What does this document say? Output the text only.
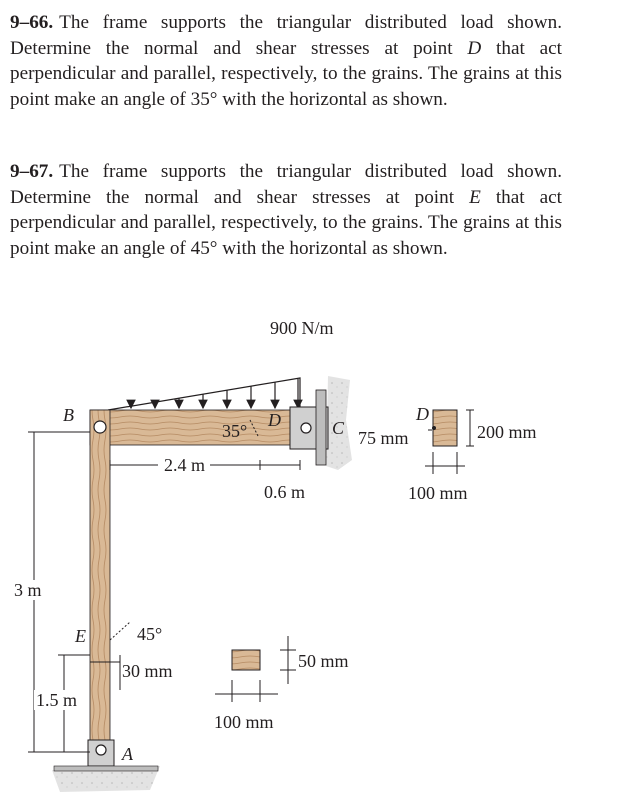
9–66. The frame supports the triangular distributed load shown. Determine the normal and shear stresses at point D that act perpendicular and parallel, respectively, to the grains. The grains at this point make an angle of 35° with the horizontal as shown.
9–67. The frame supports the triangular distributed load shown. Determine the normal and shear stresses at point E that act perpendicular and parallel, respectively, to the grains. The grains at this point make an angle of 45° with the horizontal as shown.
900 N/m
B
C
D
E
A
35°
45°
2.4 m
0.6 m
3 m
1.5 m
30 mm
D
200 mm
75 mm
100 mm
50 mm
100 mm
